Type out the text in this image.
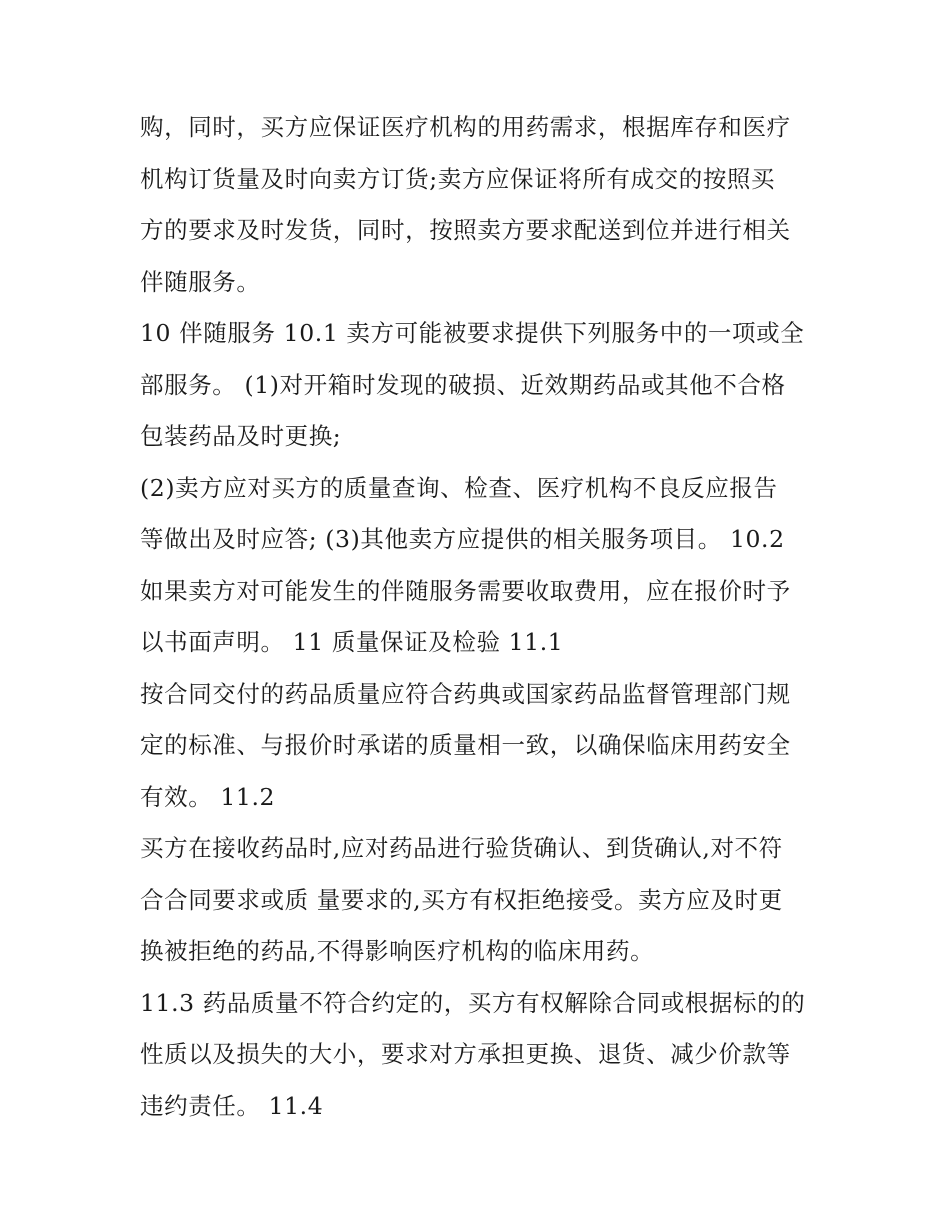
购，同时，买方应保证医疗机构的用药需求，根据库存和医疗
机构订货量及时向卖方订货;卖方应保证将所有成交的按照买
方的要求及时发货，同时，按照卖方要求配送到位并进行相关
伴随服务。
10 伴随服务 10.1 卖方可能被要求提供下列服务中的一项或全
部服务。 (1)对开箱时发现的破损、近效期药品或其他不合格
包装药品及时更换;
(2)卖方应对买方的质量查询、检查、医疗机构不良反应报告
等做出及时应答; (3)其他卖方应提供的相关服务项目。 10.2
如果卖方对可能发生的伴随服务需要收取费用，应在报价时予
以书面声明。 11 质量保证及检验 11.1
按合同交付的药品质量应符合药典或国家药品监督管理部门规
定的标准、与报价时承诺的质量相一致，以确保临床用药安全
有效。 11.2
买方在接收药品时,应对药品进行验货确认、到货确认,对不符
合合同要求或质 量要求的,买方有权拒绝接受。卖方应及时更
换被拒绝的药品,不得影响医疗机构的临床用药。
11.3 药品质量不符合约定的，买方有权解除合同或根据标的的
性质以及损失的大小，要求对方承担更换、退货、减少价款等
违约责任。 11.4
